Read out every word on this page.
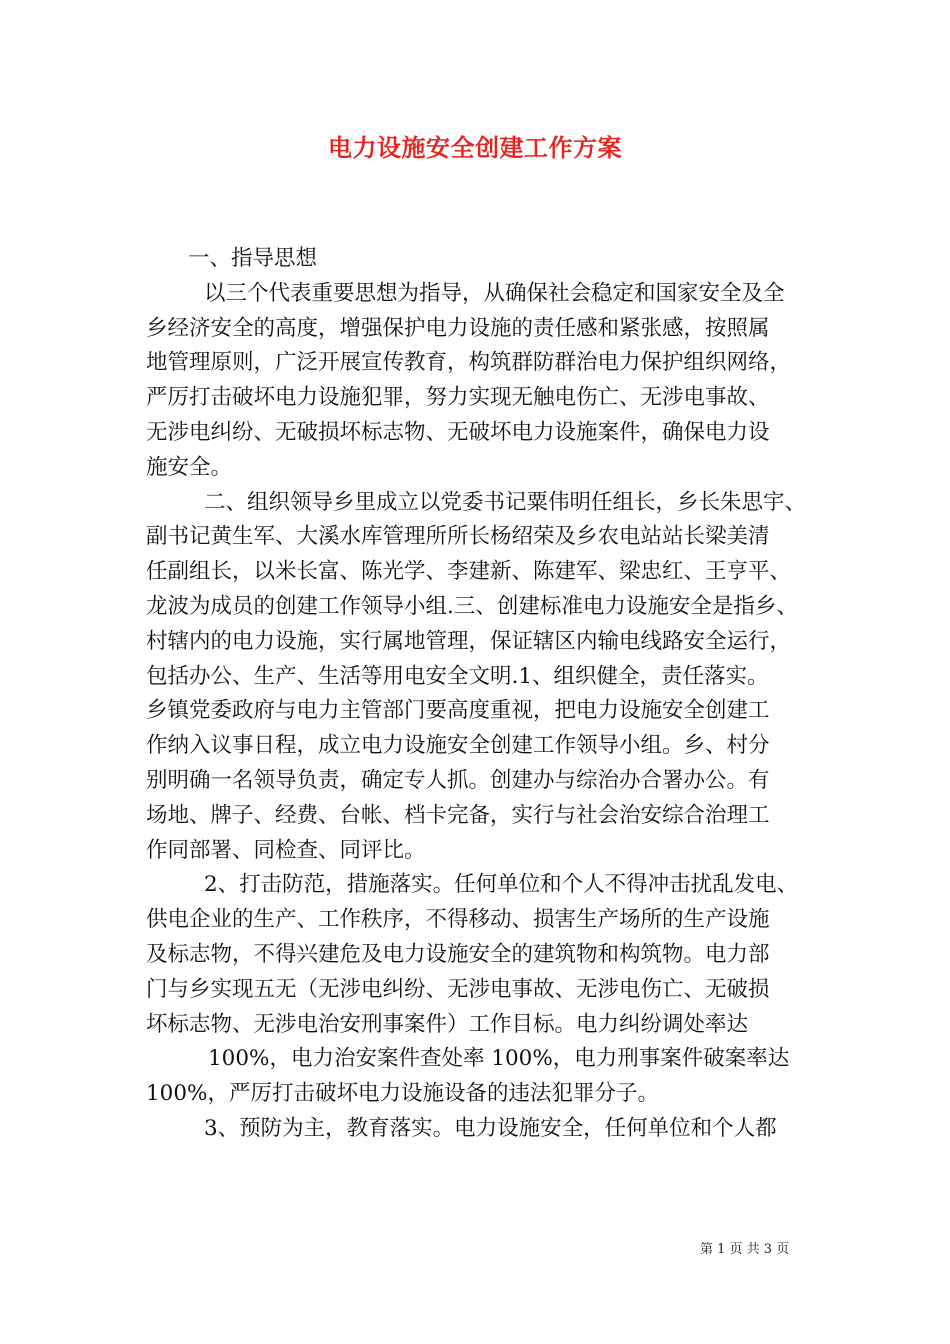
电力设施安全创建工作方案
一、指导思想
以三个代表重要思想为指导，从确保社会稳定和国家安全及全
乡经济安全的高度，增强保护电力设施的责任感和紧张感，按照属
地管理原则，广泛开展宣传教育，构筑群防群治电力保护组织网络，
严厉打击破坏电力设施犯罪，努力实现无触电伤亡、无涉电事故、
无涉电纠纷、无破损坏标志物、无破坏电力设施案件，确保电力设
施安全。
二、组织领导乡里成立以党委书记粟伟明任组长，乡长朱思宇、
副书记黄生军、大溪水库管理所所长杨绍荣及乡农电站站长梁美清
任副组长，以米长富、陈光学、李建新、陈建军、梁忠红、王亨平、
龙波为成员的创建工作领导小组.三、创建标准电力设施安全是指乡、
村辖内的电力设施，实行属地管理，保证辖区内输电线路安全运行，
包括办公、生产、生活等用电安全文明.1、组织健全，责任落实。
乡镇党委政府与电力主管部门要高度重视，把电力设施安全创建工
作纳入议事日程，成立电力设施安全创建工作领导小组。乡、村分
别明确一名领导负责，确定专人抓。创建办与综治办合署办公。有
场地、牌子、经费、台帐、档卡完备，实行与社会治安综合治理工
作同部署、同检查、同评比。
2、打击防范，措施落实。任何单位和个人不得冲击扰乱发电、
供电企业的生产、工作秩序，不得移动、损害生产场所的生产设施
及标志物，不得兴建危及电力设施安全的建筑物和构筑物。电力部
门与乡实现五无（无涉电纠纷、无涉电事故、无涉电伤亡、无破损
坏标志物、无涉电治安刑事案件）工作目标。电力纠纷调处率达
100%，电力治安案件查处率 100%，电力刑事案件破案率达
100%，严厉打击破坏电力设施设备的违法犯罪分子。
3、预防为主，教育落实。电力设施安全，任何单位和个人都
第 1 页 共 3 页
